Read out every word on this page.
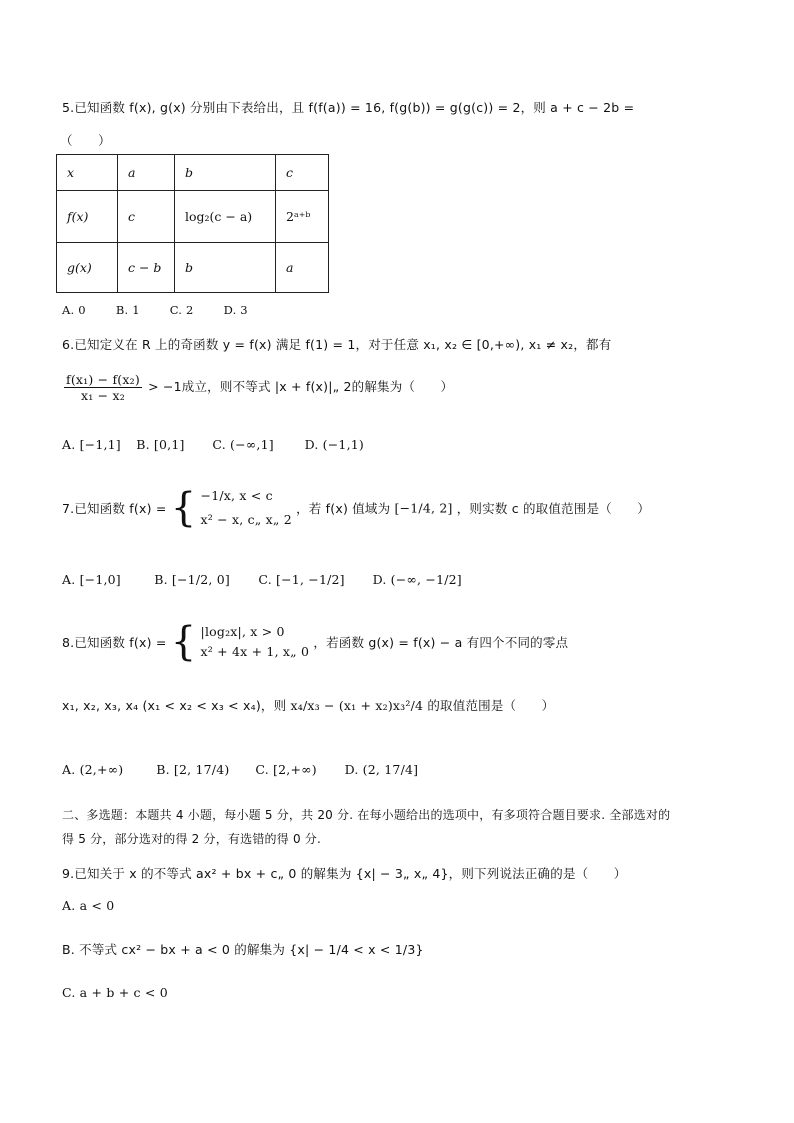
5.已知函数 f(x), g(x) 分别由下表给出，且 f(f(a)) = 16, f(g(b)) = g(g(c)) = 2，则 a + c − 2b =
（　　）
x	a	b	c
f(x)	c	log₂(c − a)	2ᵃ⁺ᵇ
g(x)	c − b	b	a
A. 0	B. 1	C. 2	D. 3
6.已知定义在 R 上的奇函数 y = f(x) 满足 f(1) = 1，对于任意 x₁, x₂ ∈ [0,+∞), x₁ ≠ x₂，都有
$\frac{\text{f(x₁) − f(x₂)}}{\text{x₁ − x₂}} > -1$成立，则不等式 |x + f(x)|„ 2的解集为（　　）
A. [−1,1] B. [0,1] C. (−∞,1] D. (−1,1)
7.已知函数 f(x) = { −1/x, x < c
x² − x, c„ x„ 2
，若 f(x) 值域为 [−1/4, 2] ，则实数 c 的取值范围是（　　）
A. [−1,0]	B. [−1/2, 0] C. [−1, −1/2] D. (−∞, −1/2]
8.已知函数 f(x) = { |log₂x|, x > 0
x² + 4x + 1, x„ 0
，若函数 g(x) = f(x) − a 有四个不同的零点
x₁, x₂, x₃, x₄ (x₁ < x₂ < x₃ < x₄)，则 x₄/x₃ − (x₁ + x₂)x₃²/4 的取值范围是（　　）
A. (2,+∞)	B. [2, 17/4) C. [2,+∞) D. (2, 17/4]
二、多选题：本题共 4 小题，每小题 5 分，共 20 分. 在每小题给出的选项中，有多项符合题目要求. 全部选对的
得 5 分，部分选对的得 2 分，有选错的得 0 分.
9.已知关于 x 的不等式 ax² + bx + c„ 0 的解集为 {x| − 3„ x„ 4}，则下列说法正确的是（　　）
A. a < 0
B. 不等式 cx² − bx + a < 0 的解集为 {x| − 1/4 < x < 1/3}
C. a + b + c < 0
